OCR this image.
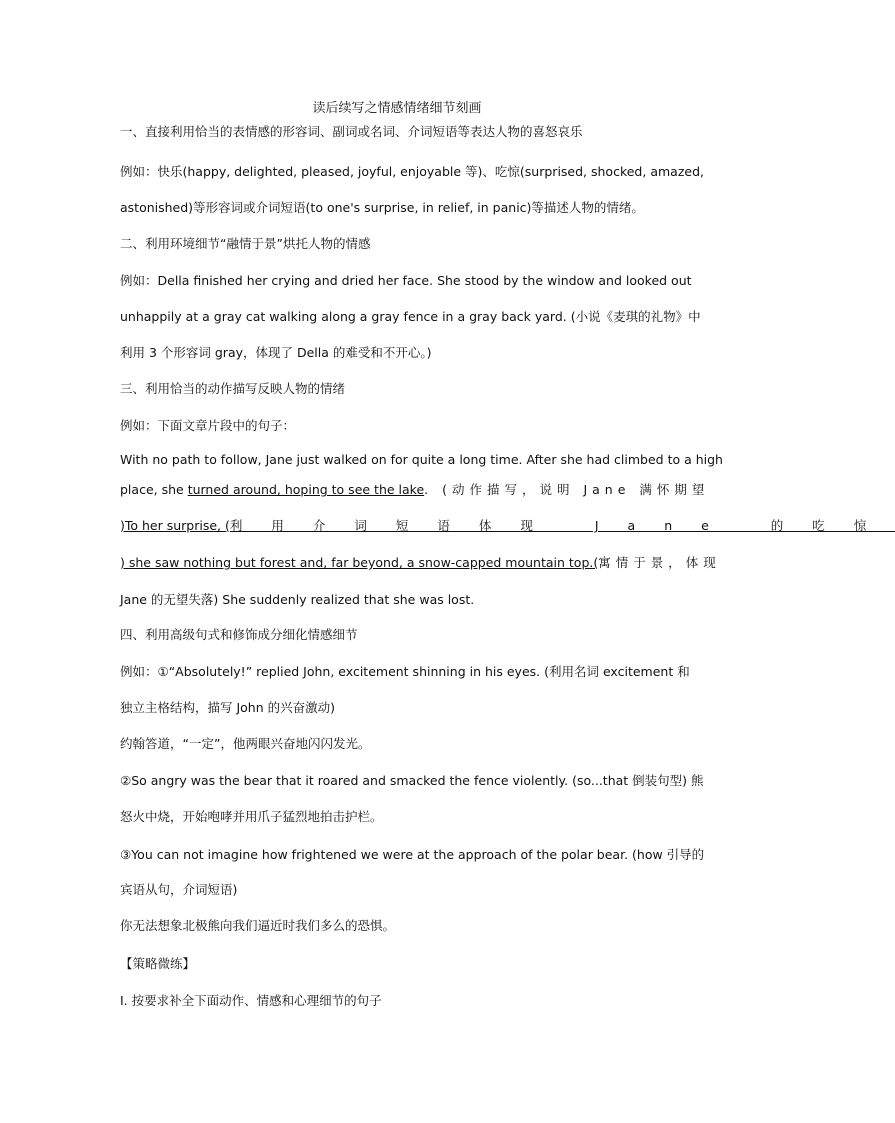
读后续写之情感情绪细节刻画
一、直接利用恰当的表情感的形容词、副词或名词、介词短语等表达人物的喜怒哀乐
例如：快乐(happy, delighted, pleased, joyful, enjoyable 等)、吃惊(surprised, shocked, amazed,
astonished)等形容词或介词短语(to one's surprise, in relief, in panic)等描述人物的情绪。
二、利用环境细节“融情于景”烘托人物的情感
例如：Della finished her crying and dried her face. She stood by the window and looked out
unhappily at a gray cat walking along a gray fence in a gray back yard. (小说《麦琪的礼物》中
利用 3 个形容词 gray，体现了 Della 的难受和不开心。)
三、利用恰当的动作描写反映人物的情绪
例如：下面文章片段中的句子：
With no path to follow, Jane just walked on for quite a long time. After she had climbed to a high
place, she turned around, hoping to see the lake. (动作描写，说明 Jane 满怀期望
)To her surprise, (利用介词短语体现 Jane 的吃惊
) she saw nothing but forest and, far beyond, a snow-capped mountain top.(寓情于景，体现
Jane 的无望失落) She suddenly realized that she was lost.
四、利用高级句式和修饰成分细化情感细节
例如：①“Absolutely!” replied John, excitement shinning in his eyes. (利用名词 excitement 和
独立主格结构，描写 John 的兴奋激动)
约翰答道，“一定”，他两眼兴奋地闪闪发光。
②So angry was the bear that it roared and smacked the fence violently. (so...that 倒装句型) 熊
怒火中烧，开始咆哮并用爪子猛烈地拍击护栏。
③You can not imagine how frightened we were at the approach of the polar bear. (how 引导的
宾语从句，介词短语)
你无法想象北极熊向我们逼近时我们多么的恐惧。
【策略微练】
Ⅰ. 按要求补全下面动作、情感和心理细节的句子
